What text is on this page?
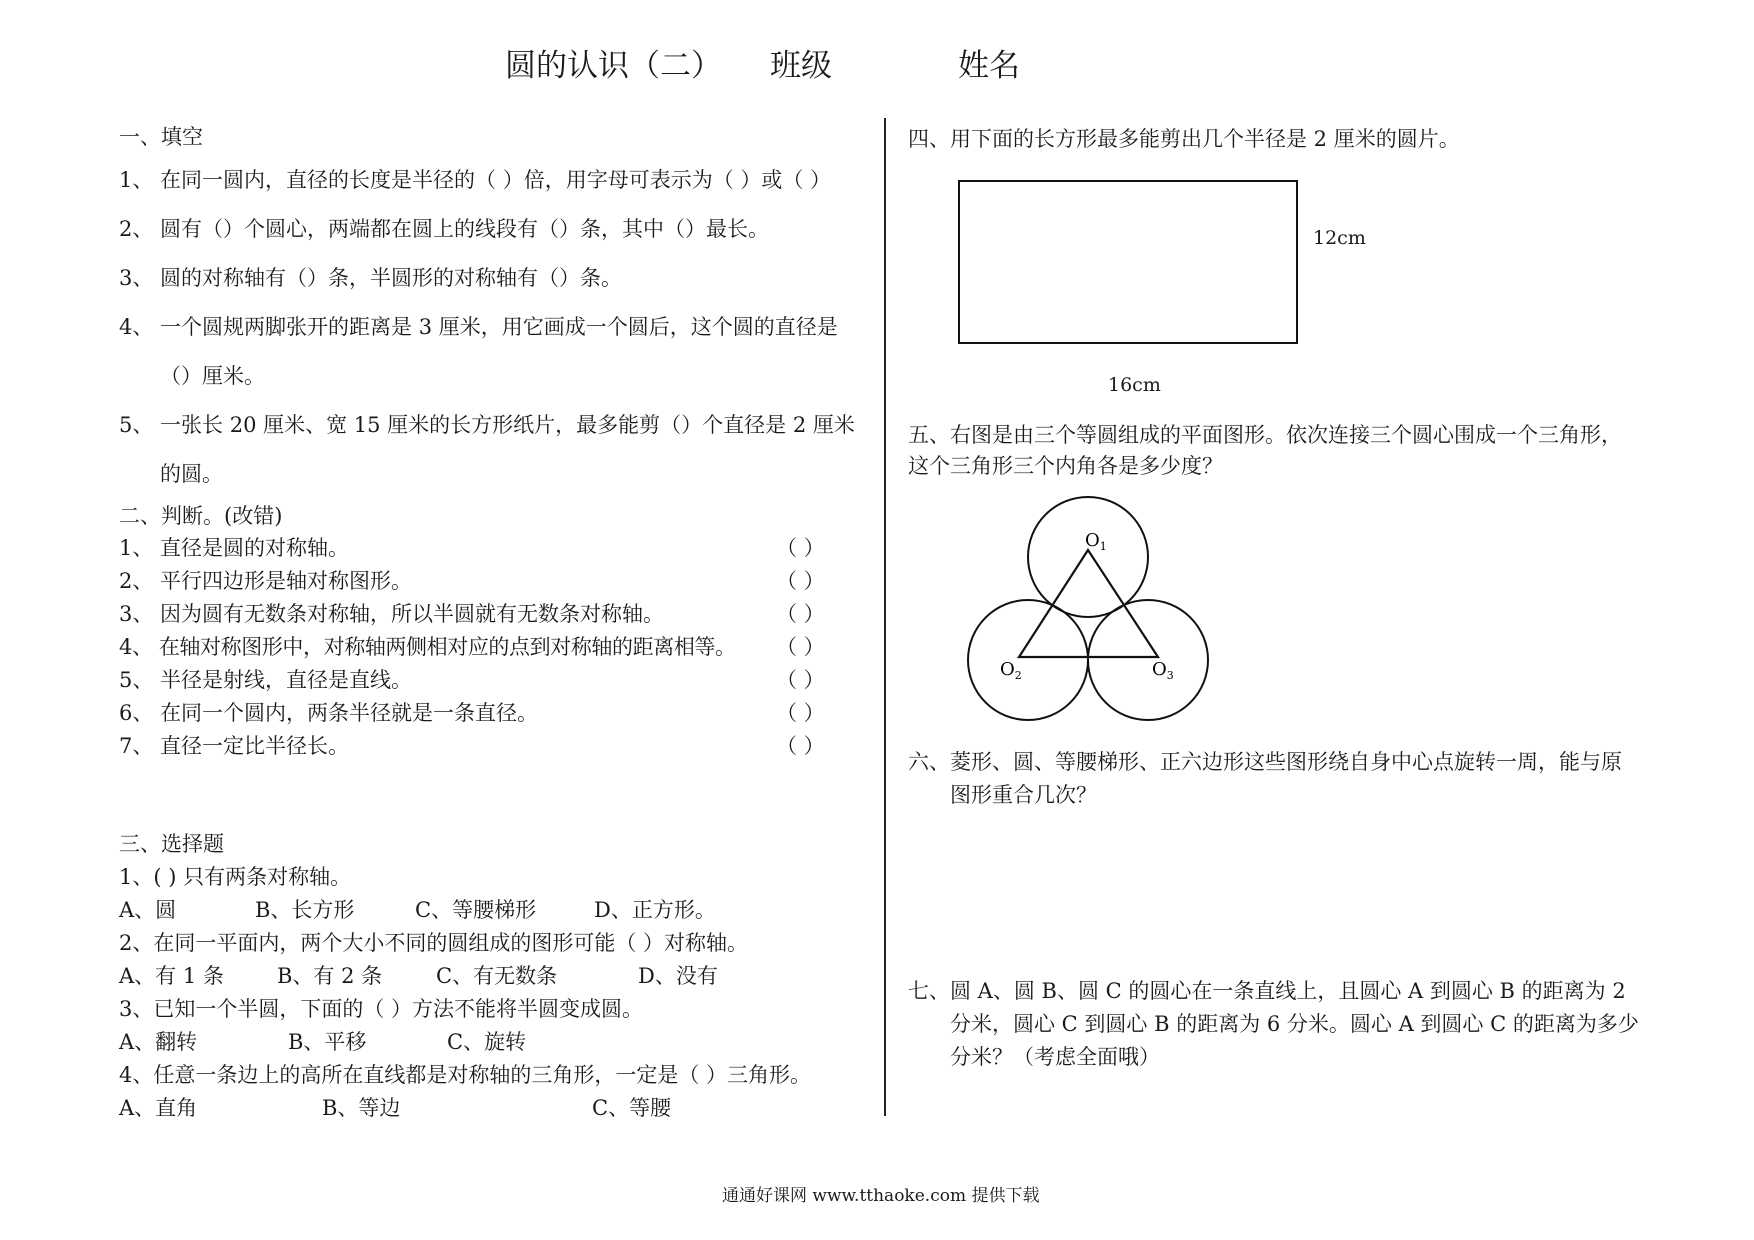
圆的认识（二） 班级	姓名
一、填空
1、 在同一圆内，直径的长度是半径的（ ）倍，用字母可表示为（ ）或（ ）
2、 圆有（）个圆心，两端都在圆上的线段有（）条，其中（）最长。
3、 圆的对称轴有（）条，半圆形的对称轴有（）条。
4、 一个圆规两脚张开的距离是 3 厘米，用它画成一个圆后，这个圆的直径是
（）厘米。
5、 一张长 20 厘米、宽 15 厘米的长方形纸片，最多能剪（）个直径是 2 厘米
的圆。
二、判断。(改错)
1、 直径是圆的对称轴。	（ ）
2、 平行四边形是轴对称图形。	（ ）
3、 因为圆有无数条对称轴，所以半圆就有无数条对称轴。	（ ）
4、 在轴对称图形中，对称轴两侧相对应的点到对称轴的距离相等。 （ ）
5、 半径是射线，直径是直线。	（ ）
6、 在同一个圆内，两条半径就是一条直径。	（ ）
7、 直径一定比半径长。	（ ）
三、选择题
1、( ) 只有两条对称轴。
A、圆	B、长方形	C、等腰梯形	D、正方形。
2、在同一平面内，两个大小不同的圆组成的图形可能（ ）对称轴。
A、有 1 条	B、有 2 条	C、有无数条	D、没有
3、已知一个半圆，下面的（ ）方法不能将半圆变成圆。
A、翻转	B、平移	C、旋转
4、任意一条边上的高所在直线都是对称轴的三角形，一定是（ ）三角形。
A、直角	B、等边	C、等腰
四、用下面的长方形最多能剪出几个半径是 2 厘米的圆片。
12cm
16cm
五、右图是由三个等圆组成的平面图形。依次连接三个圆心围成一个三角形，
这个三角形三个内角各是多少度？
$O_1$
$O_2$	$O_3$
六、菱形、圆、等腰梯形、正六边形这些图形绕自身中心点旋转一周，能与原
图形重合几次？
七、圆 A、圆 B、圆 C 的圆心在一条直线上，且圆心 A 到圆心 B 的距离为 2
分米，圆心 C 到圆心 B 的距离为 6 分米。圆心 A 到圆心 C 的距离为多少
分米？（考虑全面哦）
通通好课网 www.tthaoke.com 提供下载
